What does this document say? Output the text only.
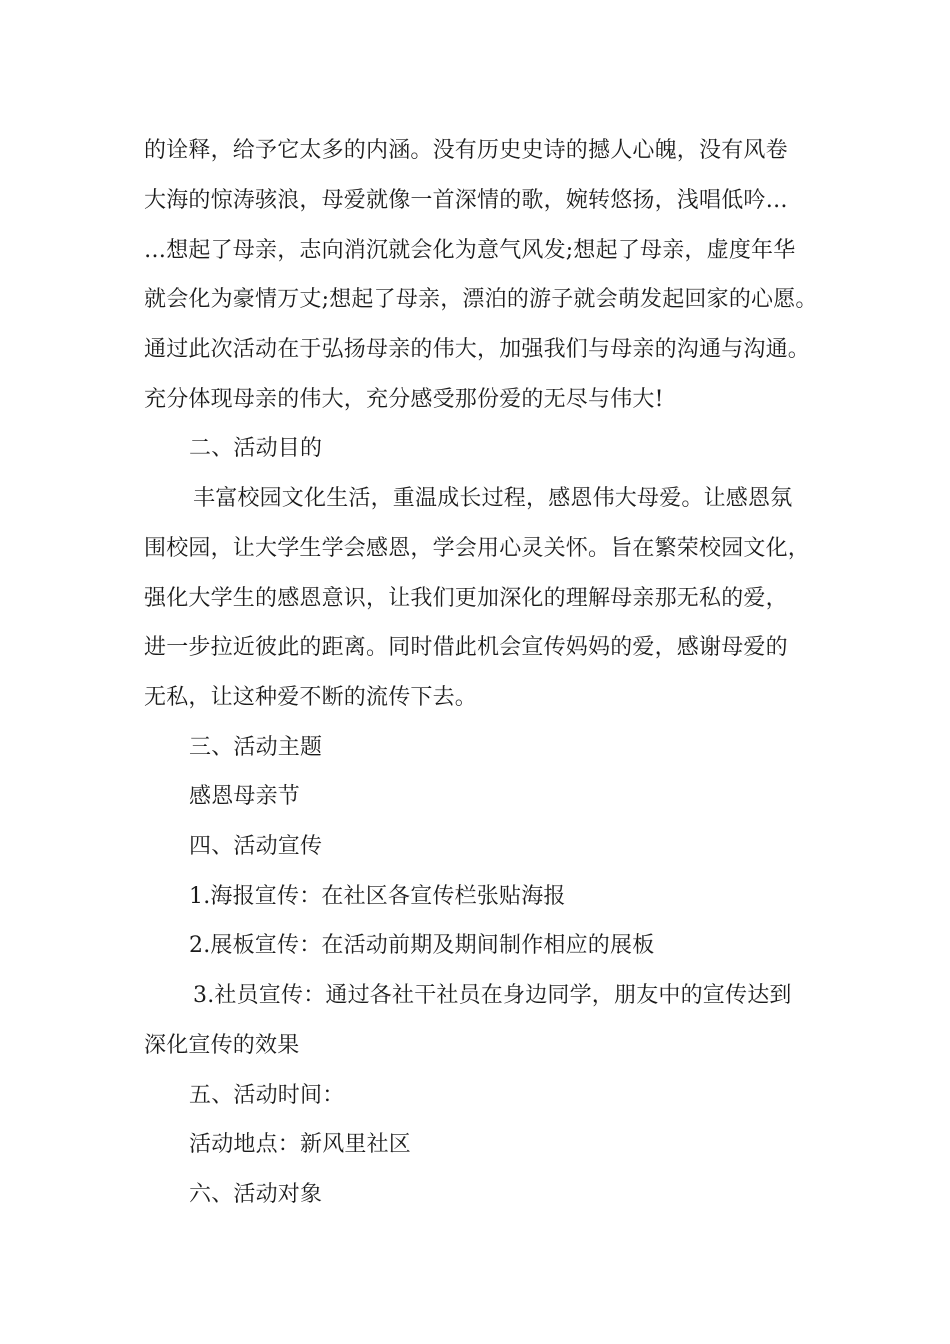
的诠释，给予它太多的内涵。没有历史史诗的撼人心魄，没有风卷
大海的惊涛骇浪，母爱就像一首深情的歌，婉转悠扬，浅唱低吟…
…想起了母亲，志向消沉就会化为意气风发;想起了母亲，虚度年华
就会化为豪情万丈;想起了母亲，漂泊的游子就会萌发起回家的心愿。
通过此次活动在于弘扬母亲的伟大，加强我们与母亲的沟通与沟通。
充分体现母亲的伟大，充分感受那份爱的无尽与伟大!
二、活动目的
丰富校园文化生活，重温成长过程，感恩伟大母爱。让感恩氛
围校园，让大学生学会感恩，学会用心灵关怀。旨在繁荣校园文化，
强化大学生的感恩意识，让我们更加深化的理解母亲那无私的爱，
进一步拉近彼此的距离。同时借此机会宣传妈妈的爱，感谢母爱的
无私，让这种爱不断的流传下去。
三、活动主题
感恩母亲节
四、活动宣传
1.海报宣传：在社区各宣传栏张贴海报
2.展板宣传：在活动前期及期间制作相应的展板
3.社员宣传：通过各社干社员在身边同学，朋友中的宣传达到
深化宣传的效果
五、活动时间：
活动地点：新风里社区
六、活动对象
